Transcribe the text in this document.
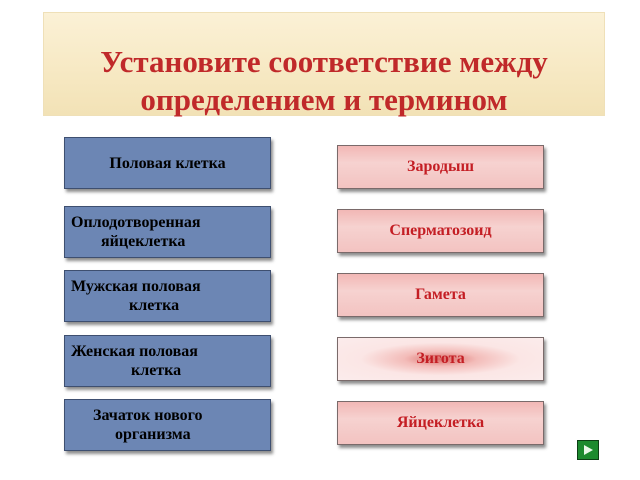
Установите соответствие между
определением и термином
Половая клетка
Оплодотворенная
яйцеклетка
Мужская половая
клетка
Женская половая
клетка
Зачаток нового
организма
Зародыш
Сперматозоид
Гамета
Зигота
Яйцеклетка
